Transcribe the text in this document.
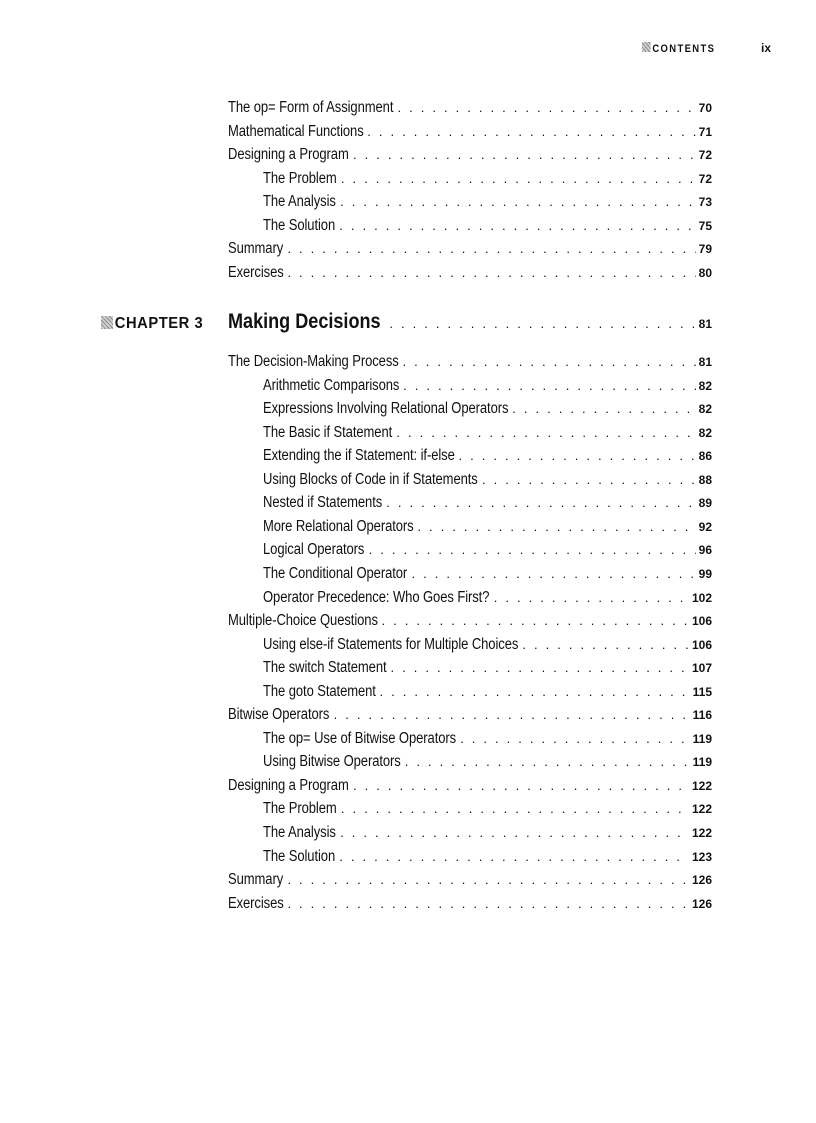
CONTENTS	ix
The op= Form of Assignment . . .	70
Mathematical Functions . . .	71
Designing a Program . . .	72
The Problem . . .	72
The Analysis . . .	73
The Solution . . .	75
Summary . . .	79
Exercises . . .	80
CHAPTER 3 Making Decisions . . .	81
The Decision-Making Process . . .	81
Arithmetic Comparisons . . .	82
Expressions Involving Relational Operators . . .	82
The Basic if Statement . . .	82
Extending the if Statement: if-else . . .	86
Using Blocks of Code in if Statements . . .	88
Nested if Statements . . .	89
More Relational Operators . . .	92
Logical Operators . . .	96
The Conditional Operator . . .	99
Operator Precedence: Who Goes First? . . .	102
Multiple-Choice Questions . . .	106
Using else-if Statements for Multiple Choices . . .	106
The switch Statement . . .	107
The goto Statement . . .	115
Bitwise Operators . . .	116
The op= Use of Bitwise Operators . . .	119
Using Bitwise Operators . . .	119
Designing a Program . . .	122
The Problem . . .	122
The Analysis . . .	122
The Solution . . .	123
Summary . . .	126
Exercises . . .	126
